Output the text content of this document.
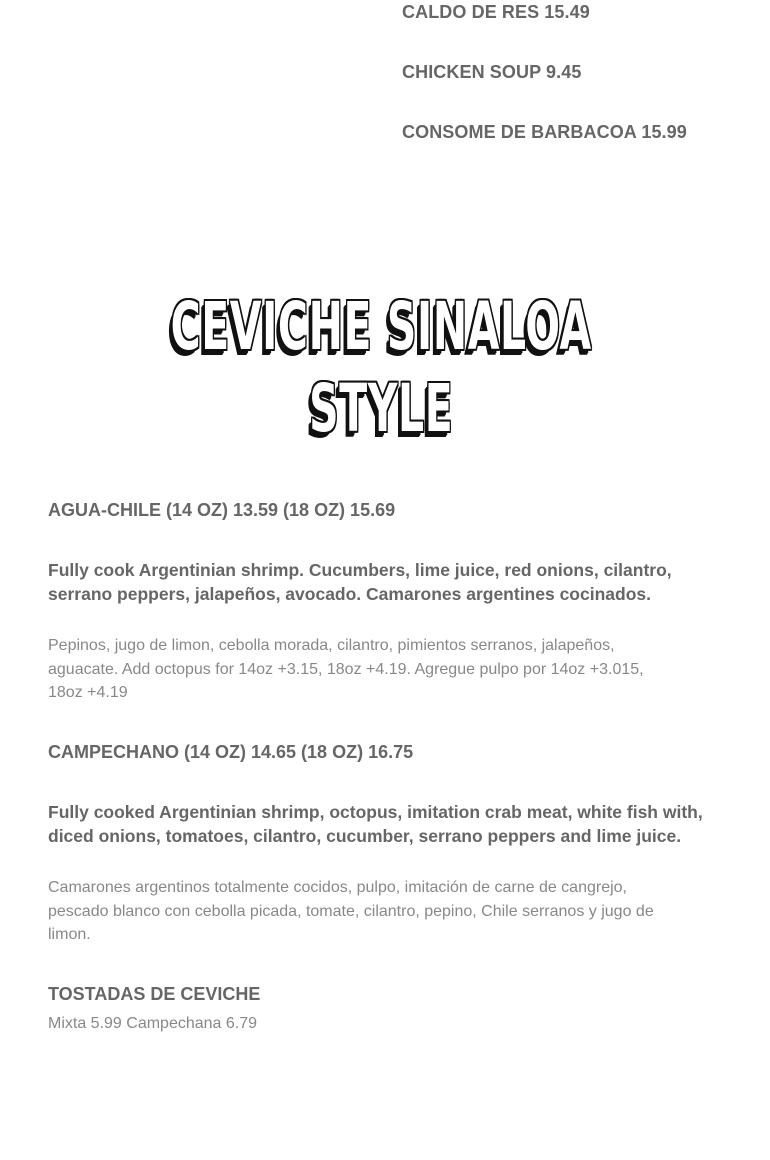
CALDO DE RES 15.49
CHICKEN SOUP 9.45
CONSOME DE BARBACOA 15.99
CEVICHE SINALOA
STYLE
AGUA-CHILE (14 OZ) 13.59 (18 OZ) 15.69
Fully cook Argentinian shrimp. Cucumbers, lime juice, red onions, cilantro, serrano peppers, jalapeños, avocado. Camarones argentines cocinados.
Pepinos, jugo de limon, cebolla morada, cilantro, pimientos serranos, jalapeños, aguacate. Add octopus for 14oz +3.15, 18oz +4.19. Agregue pulpo por 14oz +3.015, 18oz +4.19
CAMPECHANO (14 OZ) 14.65 (18 OZ) 16.75
Fully cooked Argentinian shrimp, octopus, imitation crab meat, white fish with, diced onions, tomatoes, cilantro, cucumber, serrano peppers and lime juice.
Camarones argentinos totalmente cocidos, pulpo, imitación de carne de cangrejo, pescado blanco con cebolla picada, tomate, cilantro, pepino, Chile serranos y jugo de limon.
TOSTADAS DE CEVICHE
Mixta 5.99 Campechana 6.79
